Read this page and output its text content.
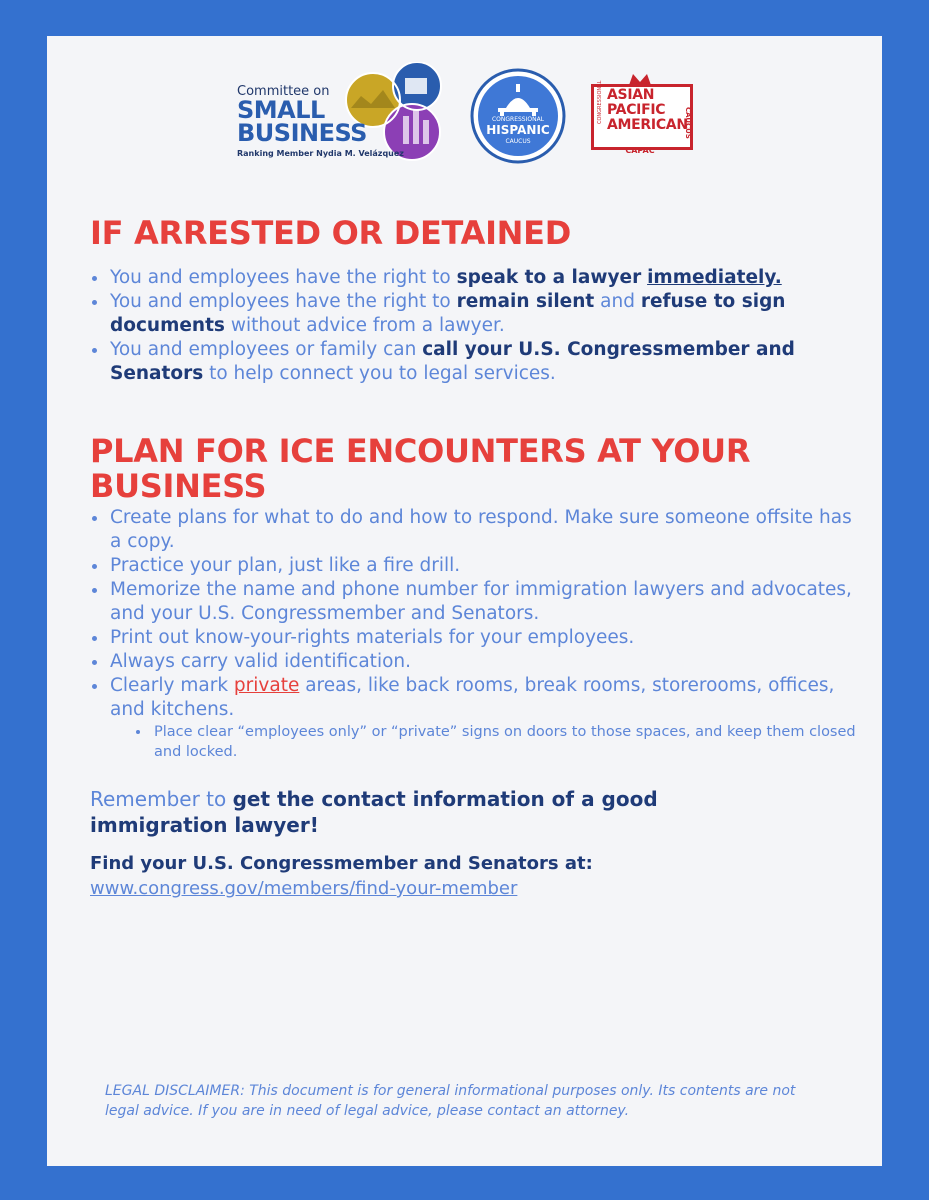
Committee on
SMALL
BUSINESS
Ranking Member Nydia M. Velázquez
CONGRESSIONAL
HISPANIC
CAUCUS
CONGRESSIONAL ASIAN
PACIFIC
AMERICAN
CAUCUS
CAPAC
IF ARRESTED OR DETAINED
You and employees have the right to speak to a lawyer immediately.
You and employees have the right to remain silent and refuse to sign documents without advice from a lawyer.
You and employees or family can call your U.S. Congressmember and Senators to help connect you to legal services.
PLAN FOR ICE ENCOUNTERS AT YOUR BUSINESS
Create plans for what to do and how to respond. Make sure someone offsite has a copy.
Practice your plan, just like a fire drill.
Memorize the name and phone number for immigration lawyers and advocates, and your U.S. Congressmember and Senators.
Print out know-your-rights materials for your employees.
Always carry valid identification.
Clearly mark private areas, like back rooms, break rooms, storerooms, offices, and kitchens.
Place clear “employees only” or “private” signs on doors to those spaces, and keep them closed and locked.
Remember to get the contact information of a good immigration lawyer!
Find your U.S. Congressmember and Senators at:
www.congress.gov/members/find-your-member
LEGAL DISCLAIMER: This document is for general informational purposes only. Its contents are not legal advice. If you are in need of legal advice, please contact an attorney.
